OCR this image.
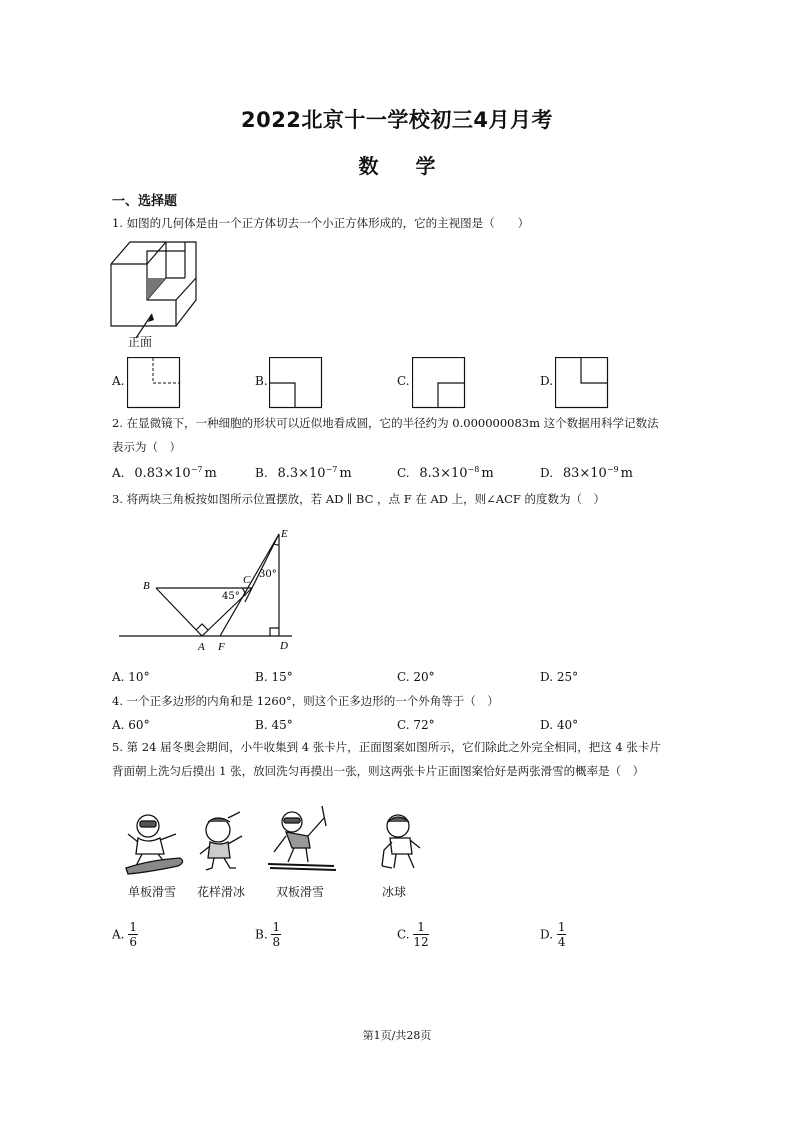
2022北京十一学校初三4月月考
数 学
一、选择题
1. 如图的几何体是由一个正方体切去一个小正方体形成的，它的主视图是（　　）
正面
A.	B.	C.	D.
2. 在显微镜下，一种细胞的形状可以近似地看成圆，它的半径约为 0.000000083m 这个数据用科学记数法
表示为（　）
A. $0.83\times 10^{-7}$ m	B. $8.3\times 10^{-7}$ m	C. $8.3\times 10^{-8}$ m	D. $83\times 10^{-9}$ m
3. 将两块三角板按如图所示位置摆放，若 AD ∥ BC ，点 F 在 AD 上，则∠ACF 的度数为（　）
E
B	C
A F	D
45°
30°
A. 10°	B. 15°	C. 20°	D. 25°
4. 一个正多边形的内角和是 1260°，则这个正多边形的一个外角等于（　）
A. 60°	B. 45°	C. 72°	D. 40°
5. 第 24 届冬奥会期间，小牛收集到 4 张卡片，正面图案如图所示，它们除此之外完全相同，把这 4 张卡片
背面朝上洗匀后摸出 1 张，放回洗匀再摸出一张，则这两张卡片正面图案恰好是两张滑雪的概率是（　）
单板滑雪 花样滑冰	双板滑雪	冰球
A. $\frac{1}{6}$	B. $\frac{1}{8}$	C. $\frac{1}{12}$	D. $\frac{1}{4}$
第1页/共28页
